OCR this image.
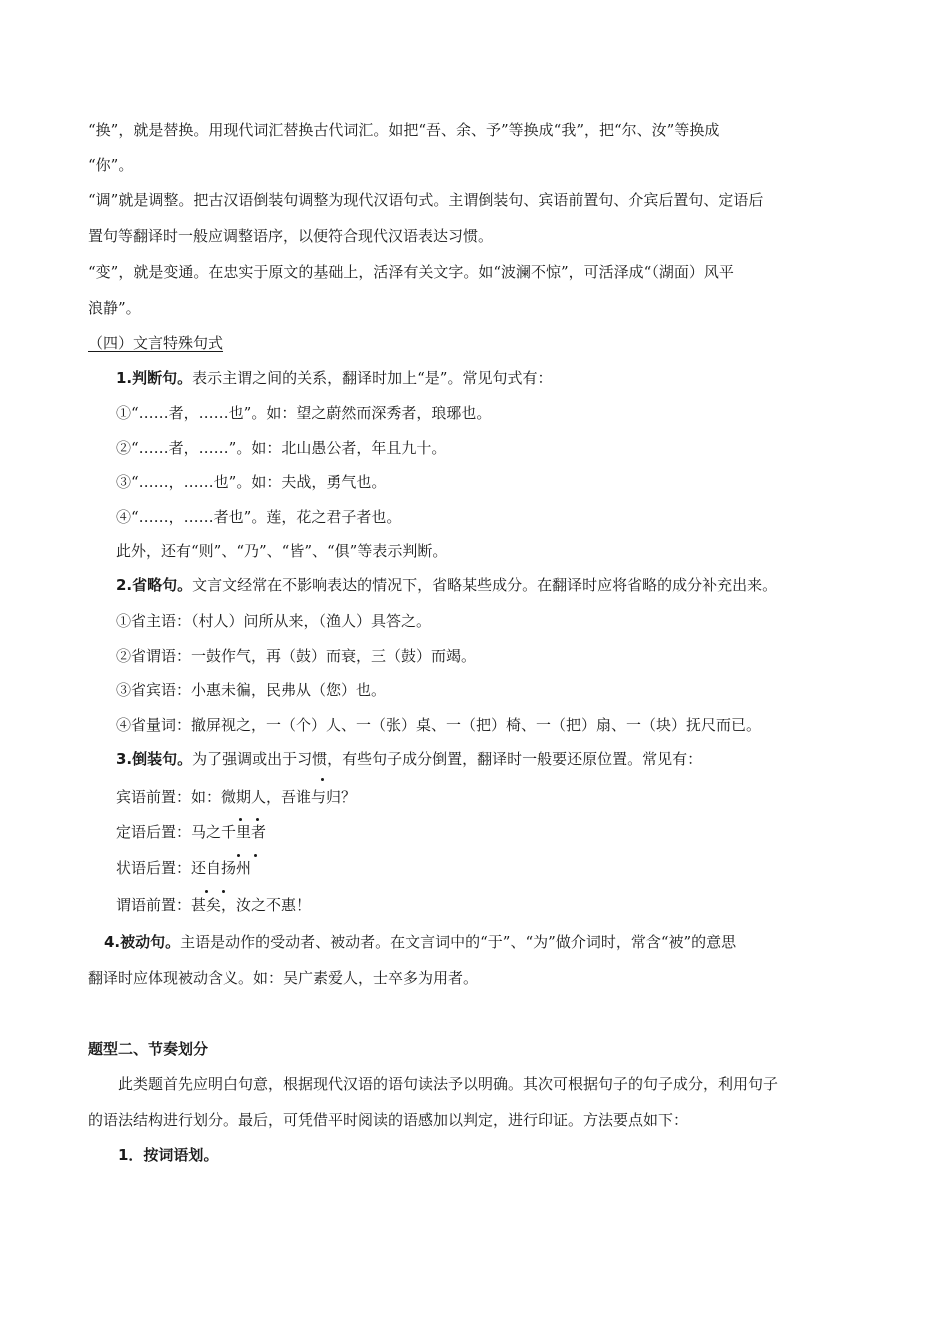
“换”，就是替换。用现代词汇替换古代词汇。如把“吾、余、予”等换成“我”，把“尔、汝”等换成
“你”。
“调”就是调整。把古汉语倒装句调整为现代汉语句式。主谓倒装句、宾语前置句、介宾后置句、定语后
置句等翻译时一般应调整语序，以便符合现代汉语表达习惯。
“变”，就是变通。在忠实于原文的基础上，活泽有关文字。如“波澜不惊”，可活泽成“（湖面）风平
浪静”。
（四）文言特殊句式
1.判断句。表示主谓之间的关系，翻译时加上“是”。常见句式有：
①“……者，……也”。如：望之蔚然而深秀者，琅琊也。
②“……者，……”。如：北山愚公者，年且九十。
③“……，……也”。如：夫战，勇气也。
④“……，……者也”。莲，花之君子者也。
此外，还有“则”、“乃”、“皆”、“俱”等表示判断。
2.省略句。文言文经常在不影响表达的情况下，省略某些成分。在翻译时应将省略的成分补充出来。
①省主语：（村人）问所从来，（渔人）具答之。
②省谓语：一鼓作气，再（鼓）而衰，三（鼓）而竭。
③省宾语：小惠未徧，民弗从（您）也。
④省量词：撤屏视之，一（个）人、一（张）桌、一（把）椅、一（把）扇、一（块）抚尺而已。
3.倒装句。为了强调或出于习惯，有些句子成分倒置，翻译时一般要还原位置。常见有：
宾语前置：如：微期人，吾谁与归？
定语后置：马之千里者
状语后置：还自扬州
谓语前置：甚矣，汝之不惠！
4.被动句。主语是动作的受动者、被动者。在文言词中的“于”、“为”做介词时，常含“被”的意思
翻译时应体现被动含义。如：吴广素爱人，士卒多为用者。
题型二、节奏划分
此类题首先应明白句意，根据现代汉语的语句读法予以明确。其次可根据句子的句子成分，利用句子
的语法结构进行划分。最后，可凭借平时阅读的语感加以判定，进行印证。方法要点如下：
1．按词语划。
